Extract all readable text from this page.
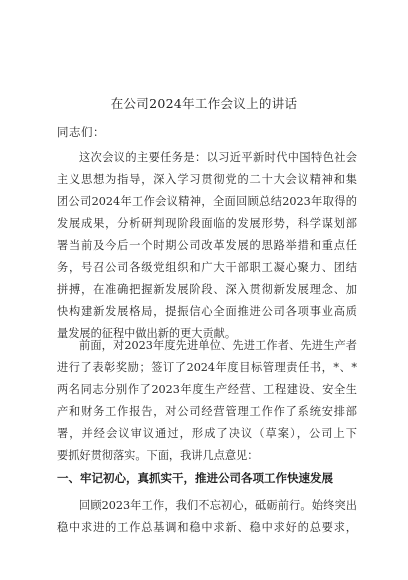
在公司2024年工作会议上的讲话
同志们：
这次会议的主要任务是：以习近平新时代中国特色社会
主义思想为指导，深入学习贯彻党的二十大会议精神和集
团公司2024年工作会议精神，全面回顾总结2023年取得的
发展成果，分析研判现阶段面临的发展形势，科学谋划部
署当前及今后一个时期公司改革发展的思路举措和重点任
务，号召公司各级党组织和广大干部职工凝心聚力、团结
拼搏，在准确把握新发展阶段、深入贯彻新发展理念、加
快构建新发展格局，提振信心全面推进公司各项事业高质
量发展的征程中做出新的更大贡献。
前面，对2023年度先进单位、先进工作者、先进生产者
进行了表彰奖励；签订了2024年度目标管理责任书，*、*
两名同志分别作了2023年度生产经营、工程建设、安全生
产和财务工作报告，对公司经营管理工作作了系统安排部
署，并经会议审议通过，形成了决议（草案），公司上下
要抓好贯彻落实。下面，我讲几点意见：
一、牢记初心，真抓实干，推进公司各项工作快速发展
回顾2023年工作，我们不忘初心，砥砺前行。始终突出
稳中求进的工作总基调和稳中求新、稳中求好的总要求，
